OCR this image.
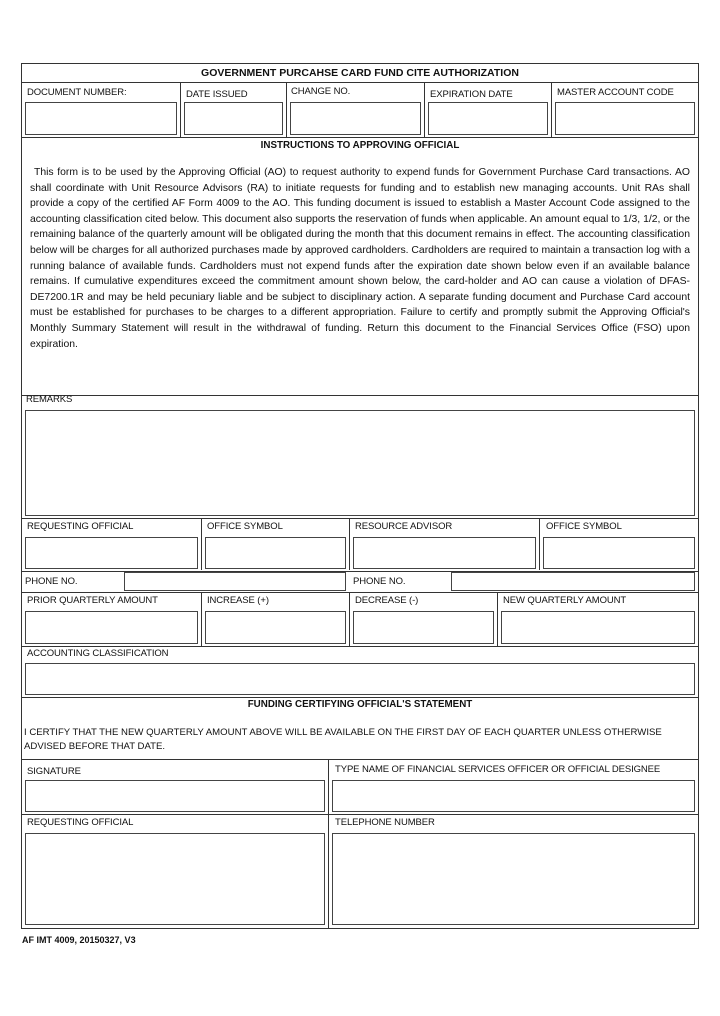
GOVERNMENT PURCAHSE CARD FUND CITE AUTHORIZATION
DOCUMENT NUMBER:	DATE ISSUED	CHANGE NO.	EXPIRATION DATE	MASTER ACCOUNT CODE
INSTRUCTIONS TO APPROVING OFFICIAL
This form is to be used by the Approving Official (AO) to request authority to expend funds for Government Purchase Card transactions. AO shall coordinate with Unit Resource Advisors (RA) to initiate requests for funding and to establish new managing accounts. Unit RAs shall provide a copy of the certified AF Form 4009 to the AO. This funding document is issued to establish a Master Account Code assigned to the accounting classification cited below. This document also supports the reservation of funds when applicable. An amount equal to 1/3, 1/2, or the remaining balance of the quarterly amount will be obligated during the month that this document remains in effect. The accounting classification below will be charges for all authorized purchases made by approved cardholders. Cardholders are required to maintain a transaction log with a running balance of available funds. Cardholders must not expend funds after the expiration date shown below even if an available balance remains. If cumulative expenditures exceed the commitment amount shown below, the card-holder and AO can cause a violation of DFAS-DE7200.1R and may be held pecuniary liable and be subject to disciplinary action. A separate funding document and Purchase Card account must be established for purchases to be charges to a different appropriation. Failure to certify and promptly submit the Approving Official's Monthly Summary Statement will result in the withdrawal of funding. Return this document to the Financial Services Office (FSO) upon expiration.
REMARKS
REQUESTING OFFICIAL	OFFICE SYMBOL	RESOURCE ADVISOR	OFFICE SYMBOL
PHONE NO.	PHONE NO.
PRIOR QUARTERLY AMOUNT	INCREASE (+)	DECREASE (-)	NEW QUARTERLY AMOUNT
ACCOUNTING CLASSIFICATION
FUNDING CERTIFYING OFFICIAL'S STATEMENT
I CERTIFY THAT THE NEW QUARTERLY AMOUNT ABOVE WILL BE AVAILABLE ON THE FIRST DAY OF EACH QUARTER UNLESS OTHERWISE ADVISED BEFORE THAT DATE.
SIGNATURE	TYPE NAME OF FINANCIAL SERVICES OFFICER OR OFFICIAL DESIGNEE
REQUESTING OFFICIAL	TELEPHONE NUMBER
AF IMT 4009, 20150327, V3
